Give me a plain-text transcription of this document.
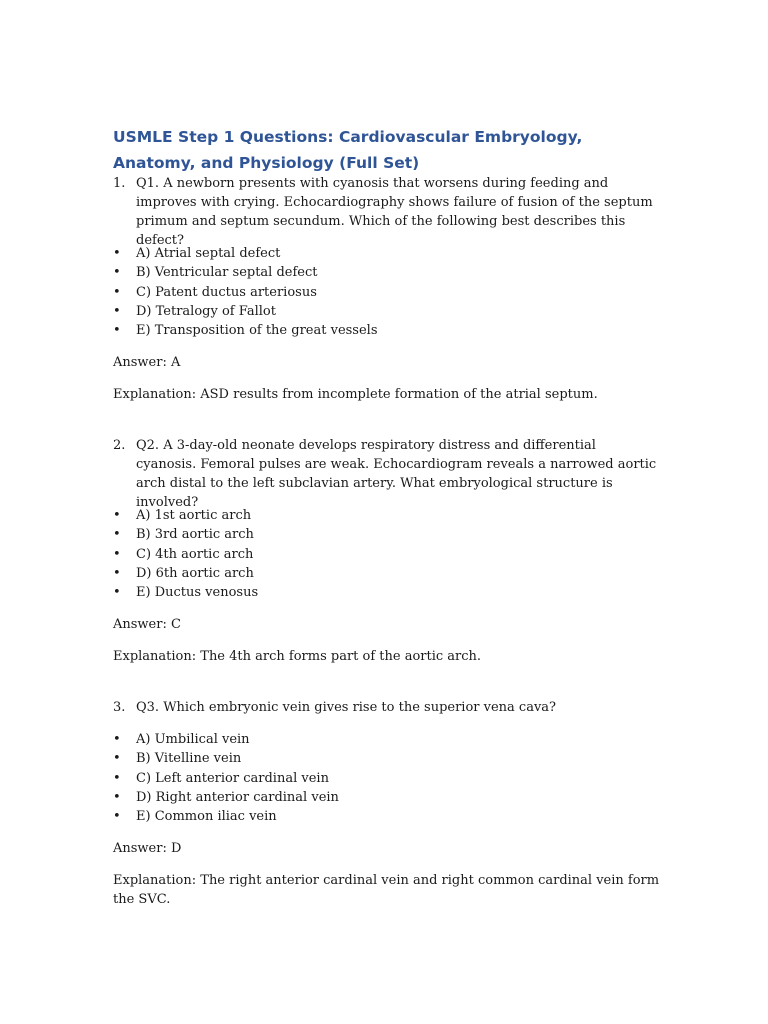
USMLE Step 1 Questions: Cardiovascular Embryology, Anatomy, and Physiology (Full Set)
1. Q1. A newborn presents with cyanosis that worsens during feeding and improves with crying. Echocardiography shows failure of fusion of the septum primum and septum secundum. Which of the following best describes this defect?
• A) Atrial septal defect
• B) Ventricular septal defect
• C) Patent ductus arteriosus
• D) Tetralogy of Fallot
• E) Transposition of the great vessels

Answer: A

Explanation: ASD results from incomplete formation of the atrial septum.

2. Q2. A 3-day-old neonate develops respiratory distress and differential cyanosis. Femoral pulses are weak. Echocardiogram reveals a narrowed aortic arch distal to the left subclavian artery. What embryological structure is involved?
• A) 1st aortic arch
• B) 3rd aortic arch
• C) 4th aortic arch
• D) 6th aortic arch
• E) Ductus venosus

Answer: C

Explanation: The 4th arch forms part of the aortic arch.

3. Q3. Which embryonic vein gives rise to the superior vena cava?
• A) Umbilical vein
• B) Vitelline vein
• C) Left anterior cardinal vein
• D) Right anterior cardinal vein
• E) Common iliac vein

Answer: D

Explanation: The right anterior cardinal vein and right common cardinal vein form the SVC.
